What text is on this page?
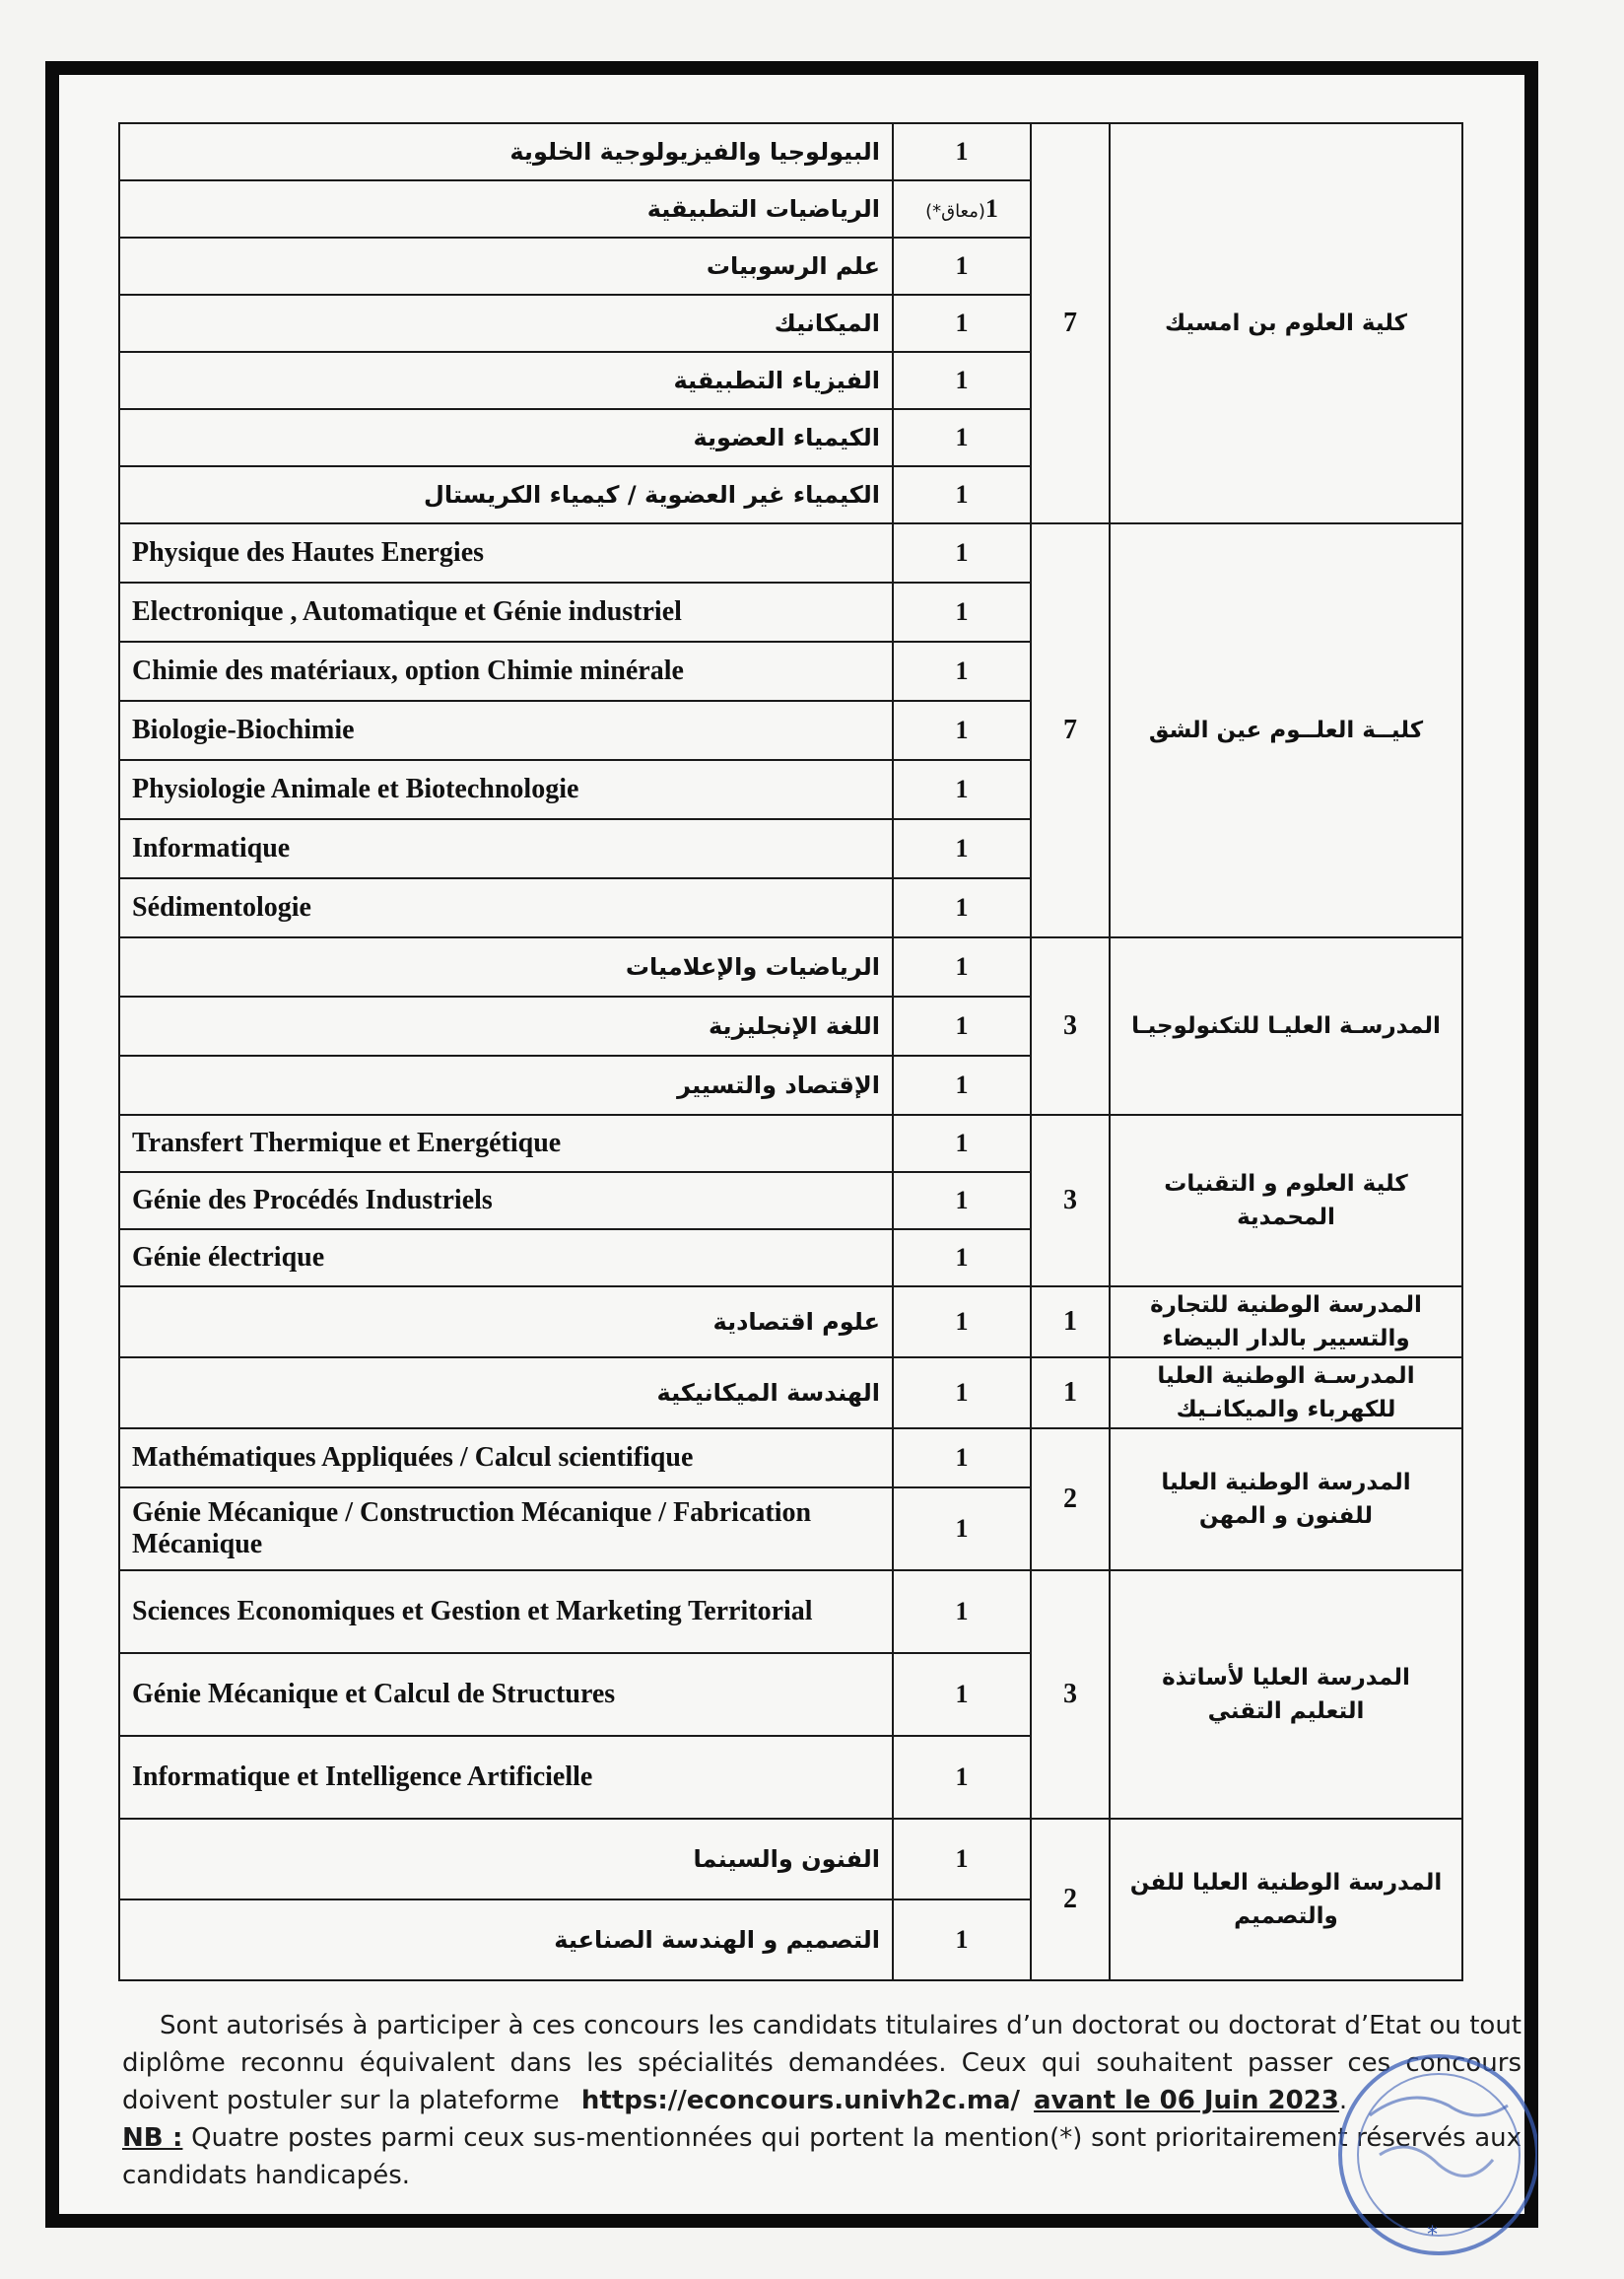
البيولوجيا والفيزيولوجية الخلوية	1	7	كلية العلوم بن امسيك
الرياضيات التطبيقية	(*معاق)1		
علم الرسوبيات	1		
الميكانيك	1		
الفيزياء التطبيقية	1		
الكيمياء العضوية	1		
الكيمياء غير العضوية / كيمياء الكريستال	1		
Physique des Hautes Energies	1	7	كليــة العلــوم عين الشق
Electronique , Automatique et Génie industriel	1		
Chimie des matériaux, option Chimie minérale	1		
Biologie-Biochimie	1		
Physiologie Animale et Biotechnologie	1		
Informatique	1		
Sédimentologie	1		
الرياضيات والإعلاميات	1	3	المدرسـة العليـا للتكنولوجيـا
اللغة الإنجليزية	1		
الإقتصاد والتسيير	1		
Transfert Thermique et Energétique	1	3	كلية العلوم و التقنيات المحمدية
Génie des Procédés Industriels	1		
Génie électrique	1		
علوم اقتصادية	1	1	المدرسة الوطنية للتجارة والتسيير بالدار البيضاء
الهندسة الميكانيكية	1	1	المدرسـة الوطنية العليا للكهرباء والميكانـيك
Mathématiques Appliquées / Calcul scientifique	1	2	المدرسة الوطنية العليا للفنون و المهن
Génie Mécanique / Construction Mécanique / Fabrication Mécanique	1		
Sciences Economiques et Gestion et Marketing Territorial	1	3	المدرسة العليا لأساتذة التعليم التقني
Génie Mécanique et Calcul de Structures	1		
Informatique et Intelligence Artificielle	1		
الفنون والسينما	1	2	المدرسة الوطنية العليا للفن والتصميم
التصميم و الهندسة الصناعية	1		
Sont autorisés à participer à ces concours les candidats titulaires d’un doctorat ou doctorat d’Etat ou tout diplôme reconnu équivalent dans les spécialités demandées. Ceux qui souhaitent passer ces concours doivent postuler sur la plateforme https://econcours.univh2c.ma/ avant le 06 Juin 2023.
NB : Quatre postes parmi ceux sus-mentionnées qui portent la mention(*) sont prioritairement réservés aux candidats handicapés.
*
